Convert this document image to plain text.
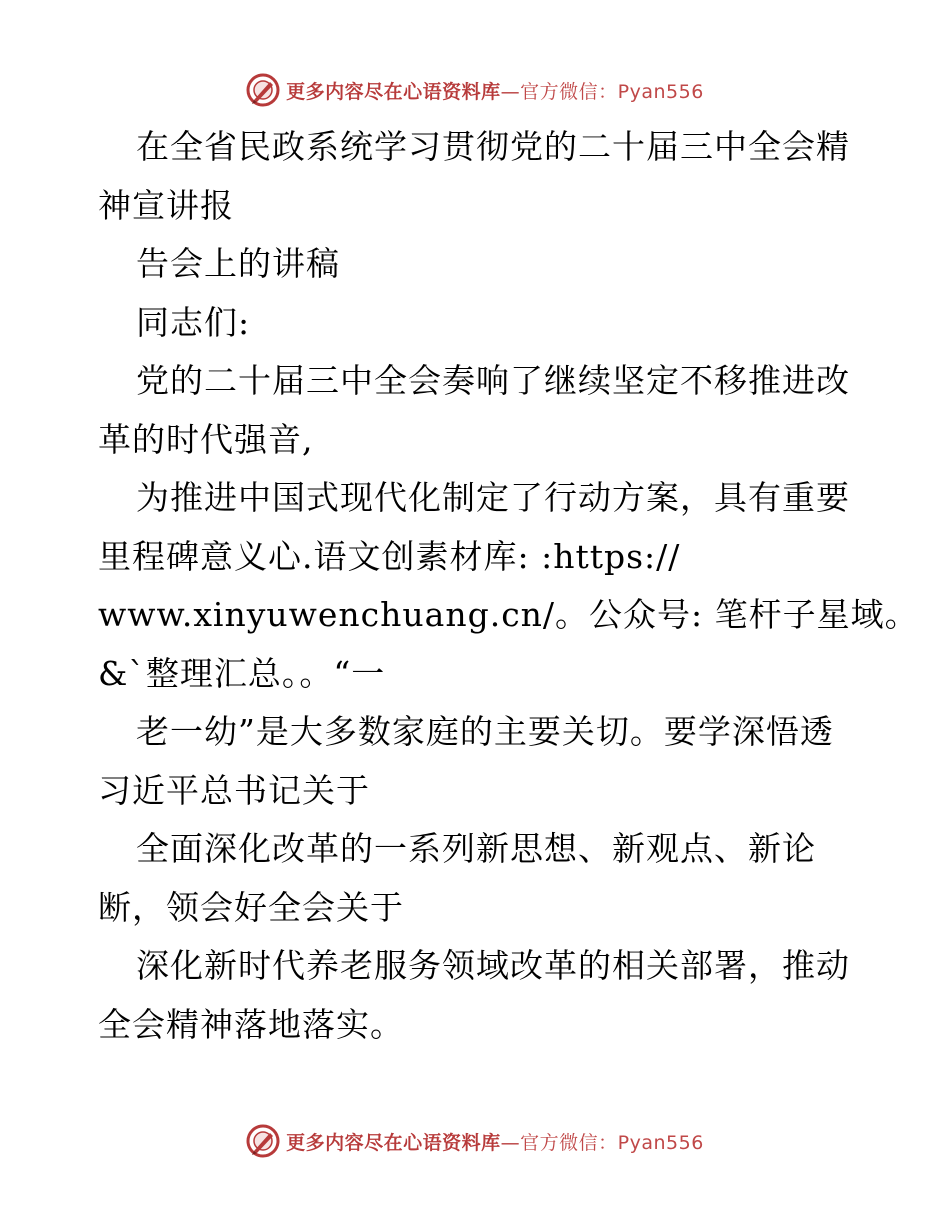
更多内容尽在心语资料库—官方微信：Pyan556
在全省民政系统学习贯彻党的二十届三中全会精
神宣讲报
告会上的讲稿
同志们:
党的二十届三中全会奏响了继续坚定不移推进改
革的时代强音,
为推进中国式现代化制定了行动方案，具有重要
里程碑意义心.语文创素材库: :https://
www.xinyuwenchuang.cn/。公众号: 笔杆子星域。
&`整理汇总。。“一
老一幼”是大多数家庭的主要关切。要学深悟透
习近平总书记关于
全面深化改革的一系列新思想、新观点、新论
断，领会好全会关于
深化新时代养老服务领域改革的相关部署，推动
全会精神落地落实。
更多内容尽在心语资料库—官方微信：Pyan556
